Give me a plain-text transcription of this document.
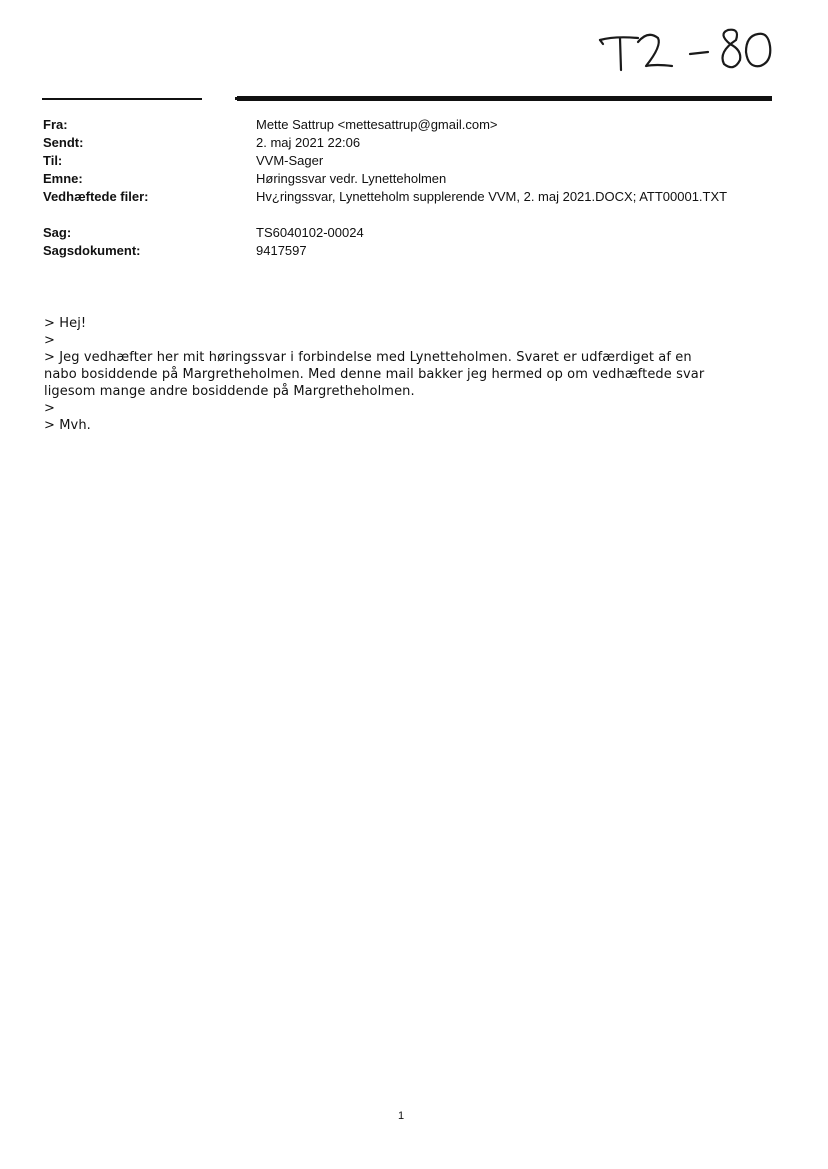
Fra:	Mette Sattrup <mettesattrup@gmail.com>
Sendt:	2. maj 2021 22:06
Til:	VVM-Sager
Emne:	Høringssvar vedr. Lynetteholmen
Vedhæftede filer:	Hv¿ringssvar, Lynetteholm supplerende VVM, 2. maj 2021.DOCX; ATT00001.TXT
Sag:	TS6040102-00024
Sagsdokument:	9417597
> Hej!
>
> Jeg vedhæfter her mit høringssvar i forbindelse med Lynetteholmen. Svaret er udfærdiget af en
nabo bosiddende på Margretheholmen. Med denne mail bakker jeg hermed op om vedhæftede svar
ligesom mange andre bosiddende på Margretheholmen.
>
> Mvh.
1
